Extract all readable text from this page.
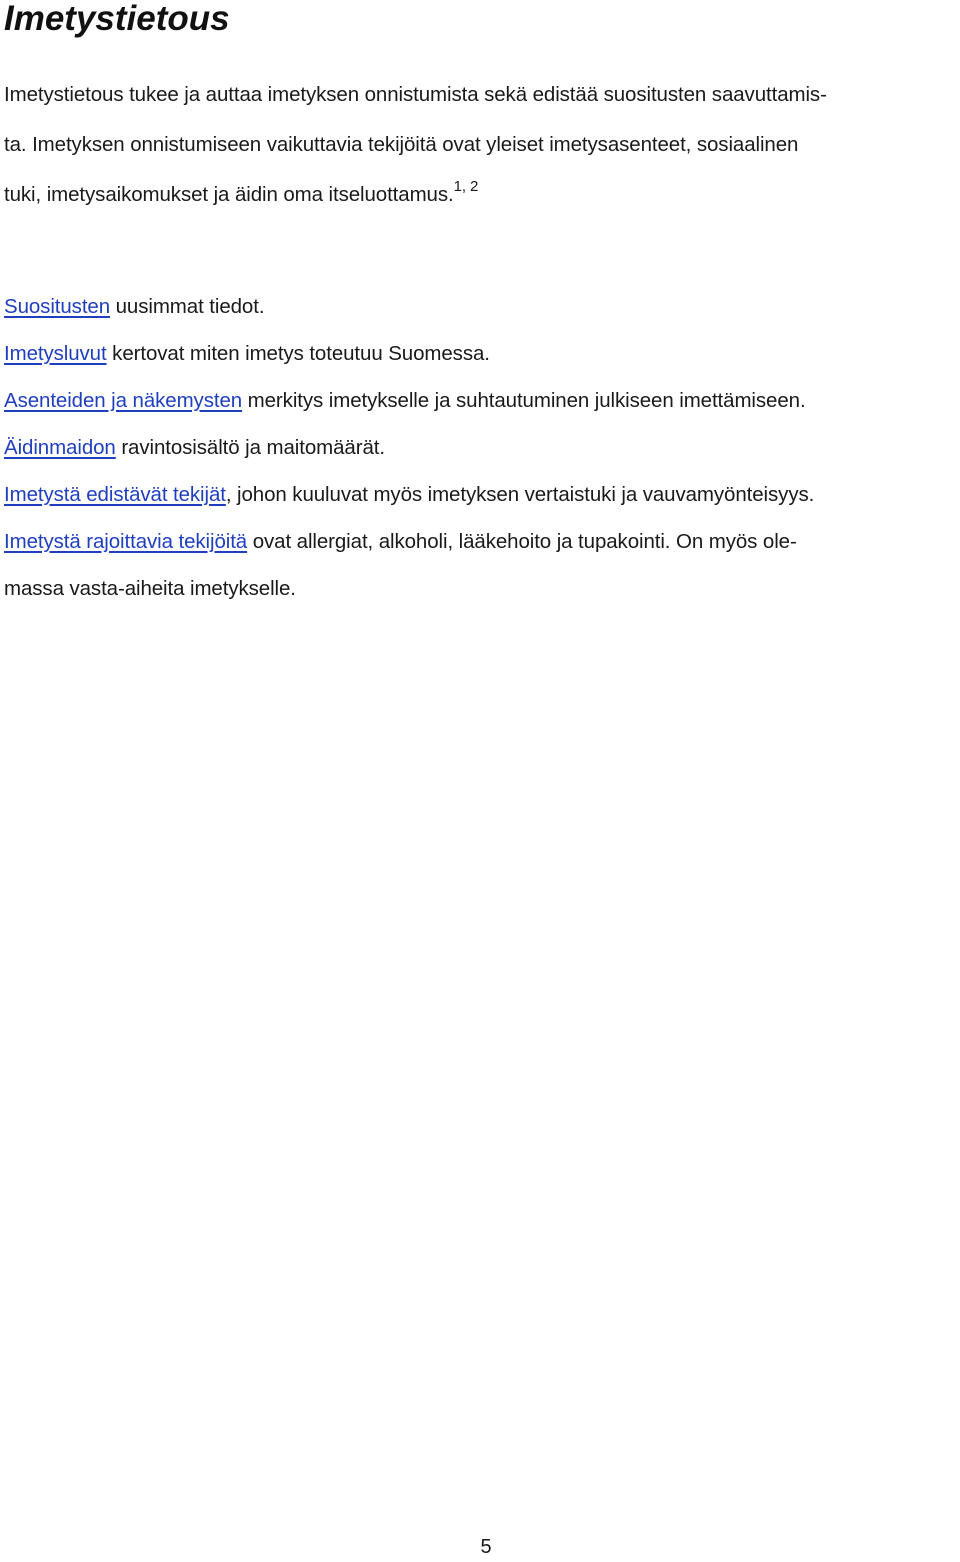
Imetystietous

Imetystietous tukee ja auttaa imetyksen onnistumista sekä edistää suositusten saavuttamis-
ta. Imetyksen onnistumiseen vaikuttavia tekijöitä ovat yleiset imetysasenteet, sosiaalinen
tuki, imetysaikomukset ja äidin oma itseluottamus.$^{1, 2}$

Suositusten uusimmat tiedot.
Imetysluvut kertovat miten imetys toteutuu Suomessa.
Asenteiden ja näkemysten merkitys imetykselle ja suhtautuminen julkiseen imettämiseen.
Äidinmaidon ravintosisältö ja maitomäärät.
Imetystä edistävät tekijät, johon kuuluvat myös imetyksen vertaistuki ja vauvamyönteisyys.
Imetystä rajoittavia tekijöitä ovat allergiat, alkoholi, lääkehoito ja tupakointi. On myös ole-
massa vasta-aiheita imetykselle.
5
